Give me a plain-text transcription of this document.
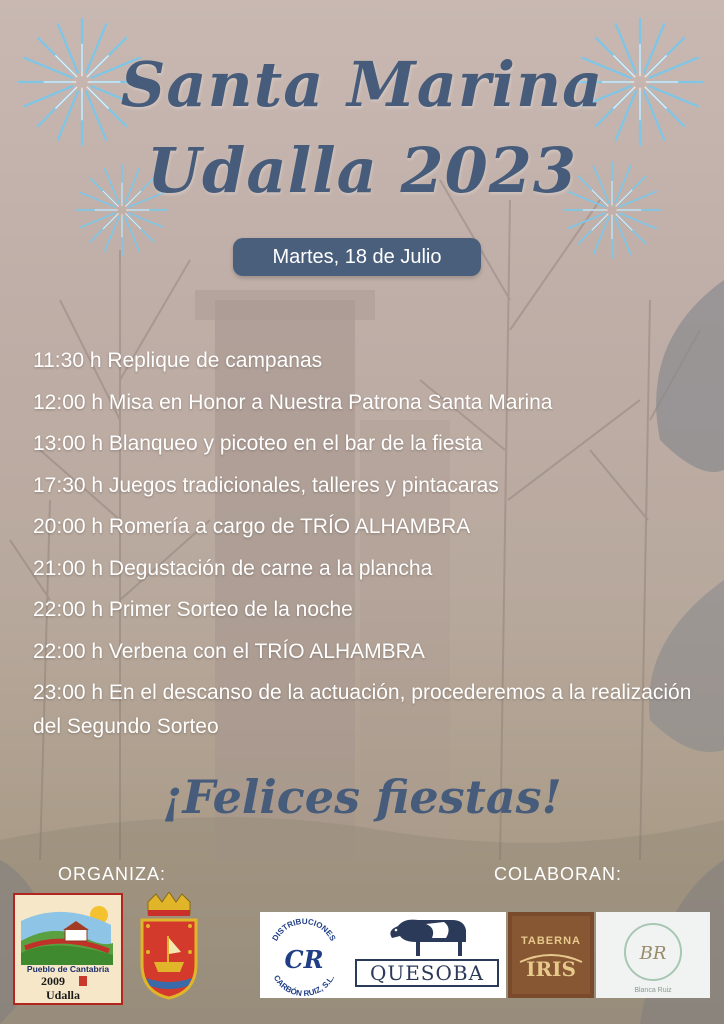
Santa Marina
Udalla 2023
Martes, 18 de Julio
11:30 h Replique de campanas
12:00 h Misa en Honor a Nuestra Patrona Santa Marina
13:00 h Blanqueo y picoteo en el bar de la fiesta
17:30 h Juegos tradicionales, talleres y pintacaras
20:00 h Romería a cargo de TRÍO ALHAMBRA
21:00 h Degustación de carne a la plancha
22:00 h Primer Sorteo de la noche
22:00 h Verbena con el TRÍO ALHAMBRA
23:00 h En el descanso de la actuación, procederemos a la realización del Segundo Sorteo
¡Felices fiestas!
ORGANIZA:	COLABORAN:
Pueblo de Cantabria
2009
Udalla
DISTRIBUCIONES
CR
CARBÓN RUIZ, S.L. QUESOBA
TABERNA
IRIS
BR
Blanca Ruiz
